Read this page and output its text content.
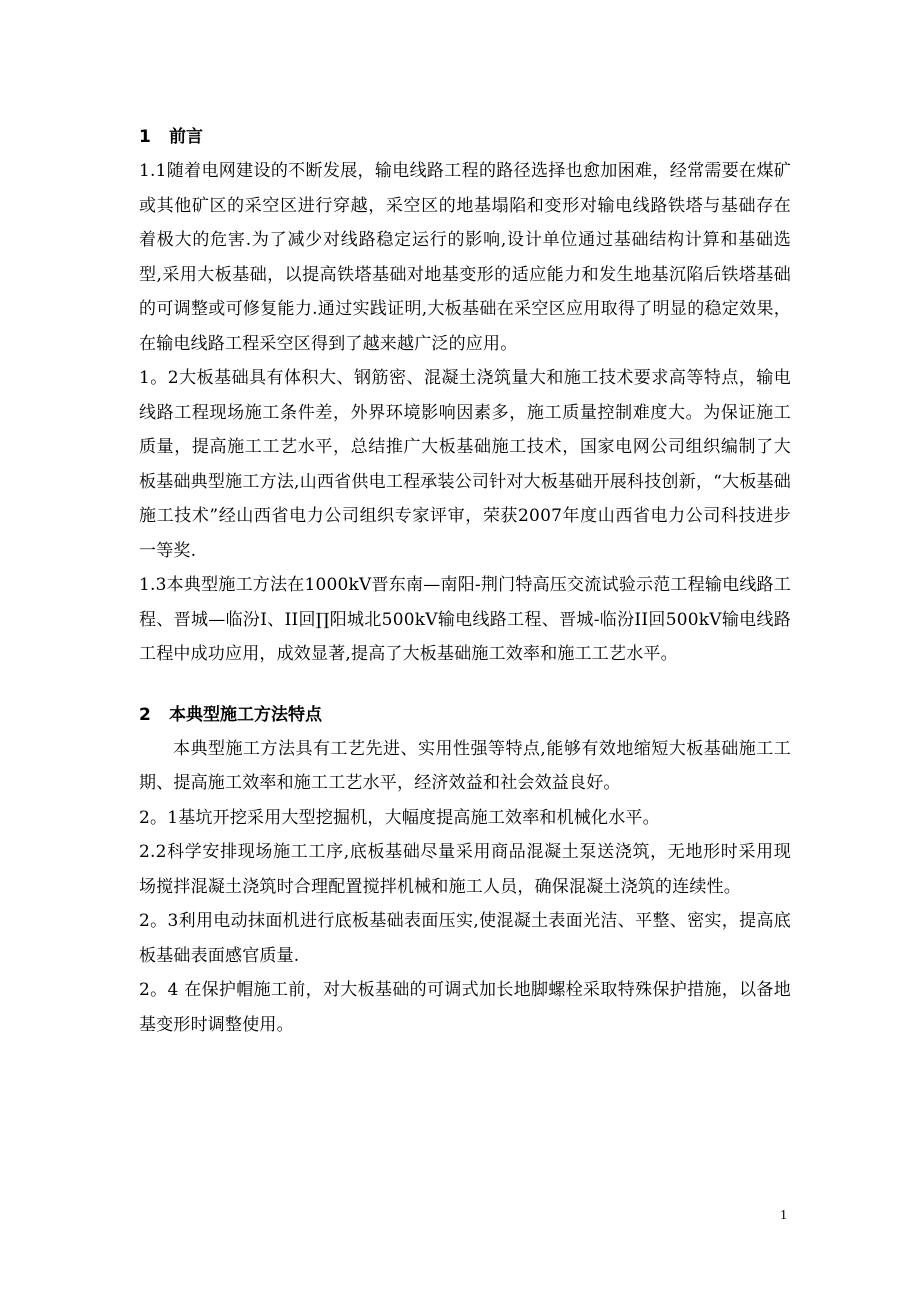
1 前言

1.1随着电网建设的不断发展，输电线路工程的路径选择也愈加困难，经常需要在煤矿或其他矿区的采空区进行穿越，采空区的地基塌陷和变形对输电线路铁塔与基础存在着极大的危害.为了减少对线路稳定运行的影响,设计单位通过基础结构计算和基础选型,采用大板基础，以提高铁塔基础对地基变形的适应能力和发生地基沉陷后铁塔基础的可调整或可修复能力.通过实践证明,大板基础在采空区应用取得了明显的稳定效果，在输电线路工程采空区得到了越来越广泛的应用。

1。2大板基础具有体积大、钢筋密、混凝土浇筑量大和施工技术要求高等特点，输电线路工程现场施工条件差，外界环境影响因素多，施工质量控制难度大。为保证施工质量，提高施工工艺水平，总结推广大板基础施工技术，国家电网公司组织编制了大板基础典型施工方法,山西省供电工程承装公司针对大板基础开展科技创新，“大板基础施工技术”经山西省电力公司组织专家评审，荣获2007年度山西省电力公司科技进步一等奖.

1.3本典型施工方法在1000kV晋东南—南阳-荆门特高压交流试验示范工程输电线路工程、晋城—临汾I、II回∏阳城北500kV输电线路工程、晋城-临汾II回500kV输电线路工程中成功应用，成效显著,提高了大板基础施工效率和施工工艺水平。

2 本典型施工方法特点

本典型施工方法具有工艺先进、实用性强等特点,能够有效地缩短大板基础施工工期、提高施工效率和施工工艺水平，经济效益和社会效益良好。

2。1基坑开挖采用大型挖掘机，大幅度提高施工效率和机械化水平。

2.2科学安排现场施工工序,底板基础尽量采用商品混凝土泵送浇筑，无地形时采用现场搅拌混凝土浇筑时合理配置搅拌机械和施工人员，确保混凝土浇筑的连续性。

2。3利用电动抹面机进行底板基础表面压实,使混凝土表面光洁、平整、密实，提高底板基础表面感官质量.

2。4 在保护帽施工前，对大板基础的可调式加长地脚螺栓采取特殊保护措施，以备地基变形时调整使用。

1
